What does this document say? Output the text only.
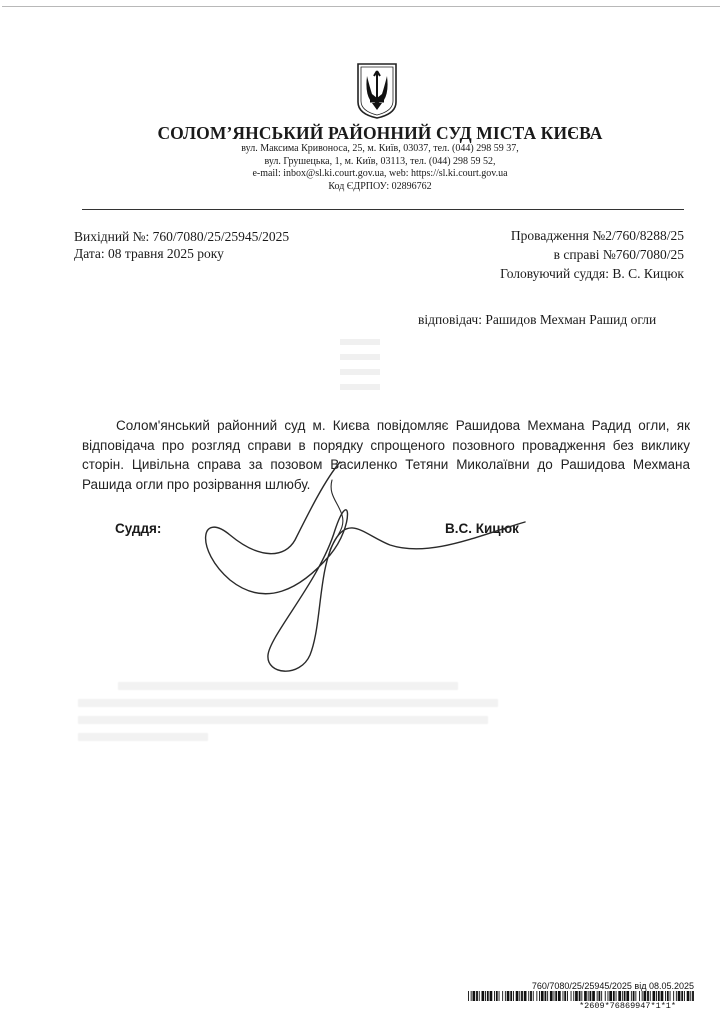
СОЛОМ’ЯНСЬКИЙ РАЙОННИЙ СУД МІСТА КИЄВА
вул. Максима Кривоноса, 25, м. Київ, 03037, тел. (044) 298 59 37,
вул. Грушецька, 1, м. Київ, 03113, тел. (044) 298 59 52,
e-mail: inbox@sl.ki.court.gov.ua, web: https://sl.ki.court.gov.ua
Код ЄДРПОУ: 02896762
Вихідний №: 760/7080/25/25945/2025
Дата: 08 травня 2025 року
Провадження №2/760/8288/25
в справі №760/7080/25
Головуючий суддя: В. С. Кицюк
відповідач: Рашидов Мехман Рашид огли

Солом'янський районний суд м. Києва повідомляє Рашидова Мехмана Радид огли, як відповідача про розгляд справи в порядку спрощеного позовного провадження без виклику сторін. Цивільна справа за позовом Василенко Тетяни Миколаївни до Рашидова Мехмана Рашида огли про розірвання шлюбу.

Суддя:	В.С. Кицюк
760/7080/25/25945/2025 від 08.05.2025
*2609*76869947*1*1*
